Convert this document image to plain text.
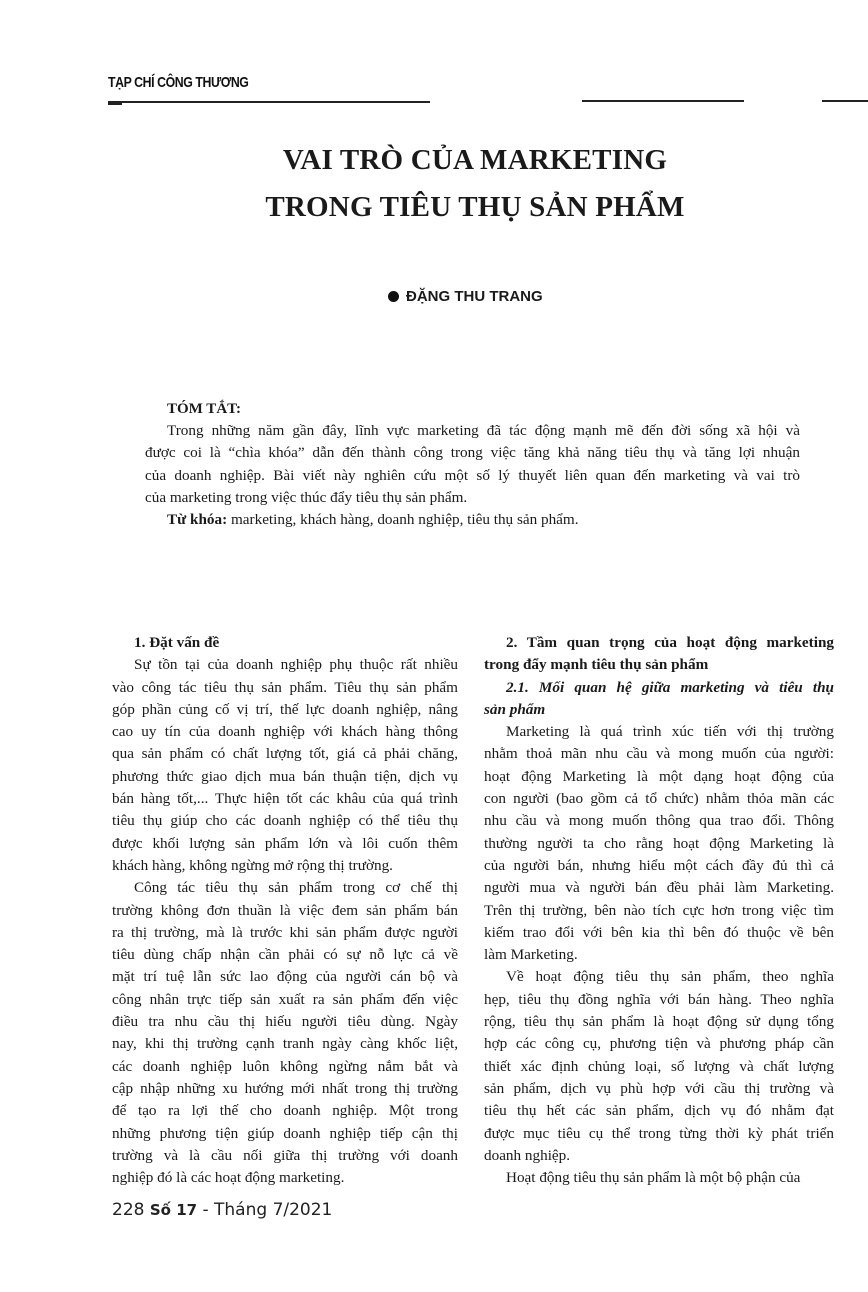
TẠP CHÍ CÔNG THƯƠNG
VAI TRÒ CỦA MARKETING
TRONG TIÊU THỤ SẢN PHẨM
ĐẶNG THU TRANG
TÓM TẮT:
Trong những năm gần đây, lĩnh vực marketing đã tác động mạnh mẽ đến đời sống xã hội và
được coi là “chìa khóa” dẫn đến thành công trong việc tăng khả năng tiêu thụ và tăng lợi nhuận
của doanh nghiệp. Bài viết này nghiên cứu một số lý thuyết liên quan đến marketing và vai trò
của marketing trong việc thúc đẩy tiêu thụ sản phẩm.
Từ khóa: marketing, khách hàng, doanh nghiệp, tiêu thụ sản phẩm.
1. Đặt vấn đề
Sự tồn tại của doanh nghiệp phụ thuộc rất nhiều
vào công tác tiêu thụ sản phẩm. Tiêu thụ sản phẩm
góp phần củng cố vị trí, thế lực doanh nghiệp, nâng
cao uy tín của doanh nghiệp với khách hàng thông
qua sản phẩm có chất lượng tốt, giá cả phải chăng,
phương thức giao dịch mua bán thuận tiện, dịch vụ
bán hàng tốt,... Thực hiện tốt các khâu của quá trình
tiêu thụ giúp cho các doanh nghiệp có thể tiêu thụ
được khối lượng sản phẩm lớn và lôi cuốn thêm
khách hàng, không ngừng mở rộng thị trường.
Công tác tiêu thụ sản phẩm trong cơ chế thị
trường không đơn thuần là việc đem sản phẩm bán
ra thị trường, mà là trước khi sản phẩm được người
tiêu dùng chấp nhận cần phải có sự nỗ lực cả về
mặt trí tuệ lẫn sức lao động của người cán bộ và
công nhân trực tiếp sản xuất ra sản phẩm đến việc
điều tra nhu cầu thị hiếu người tiêu dùng. Ngày
nay, khi thị trường cạnh tranh ngày càng khốc liệt,
các doanh nghiệp luôn không ngừng nắm bắt và
cập nhập những xu hướng mới nhất trong thị trường
để tạo ra lợi thế cho doanh nghiệp. Một trong
những phương tiện giúp doanh nghiệp tiếp cận thị
trường và là cầu nối giữa thị trường với doanh
nghiệp đó là các hoạt động marketing.
2. Tầm quan trọng của hoạt động marketing
trong đẩy mạnh tiêu thụ sản phẩm
2.1. Mối quan hệ giữa marketing và tiêu thụ
sản phẩm
Marketing là quá trình xúc tiến với thị trường
nhằm thoả mãn nhu cầu và mong muốn của người:
hoạt động Marketing là một dạng hoạt động của
con người (bao gồm cả tổ chức) nhằm thỏa mãn các
nhu cầu và mong muốn thông qua trao đổi. Thông
thường người ta cho rằng hoạt động Marketing là
của người bán, nhưng hiểu một cách đầy đủ thì cả
người mua và người bán đều phải làm Marketing.
Trên thị trường, bên nào tích cực hơn trong việc tìm
kiếm trao đổi với bên kia thì bên đó thuộc về bên
làm Marketing.
Về hoạt động tiêu thụ sản phẩm, theo nghĩa
hẹp, tiêu thụ đồng nghĩa với bán hàng. Theo nghĩa
rộng, tiêu thụ sản phẩm là hoạt động sử dụng tổng
hợp các công cụ, phương tiện và phương pháp cần
thiết xác định chủng loại, số lượng và chất lượng
sản phẩm, dịch vụ phù hợp với cầu thị trường và
tiêu thụ hết các sản phẩm, dịch vụ đó nhằm đạt
được mục tiêu cụ thể trong từng thời kỳ phát triển
doanh nghiệp.
Hoạt động tiêu thụ sản phẩm là một bộ phận của
228 Số 17 - Tháng 7/2021
